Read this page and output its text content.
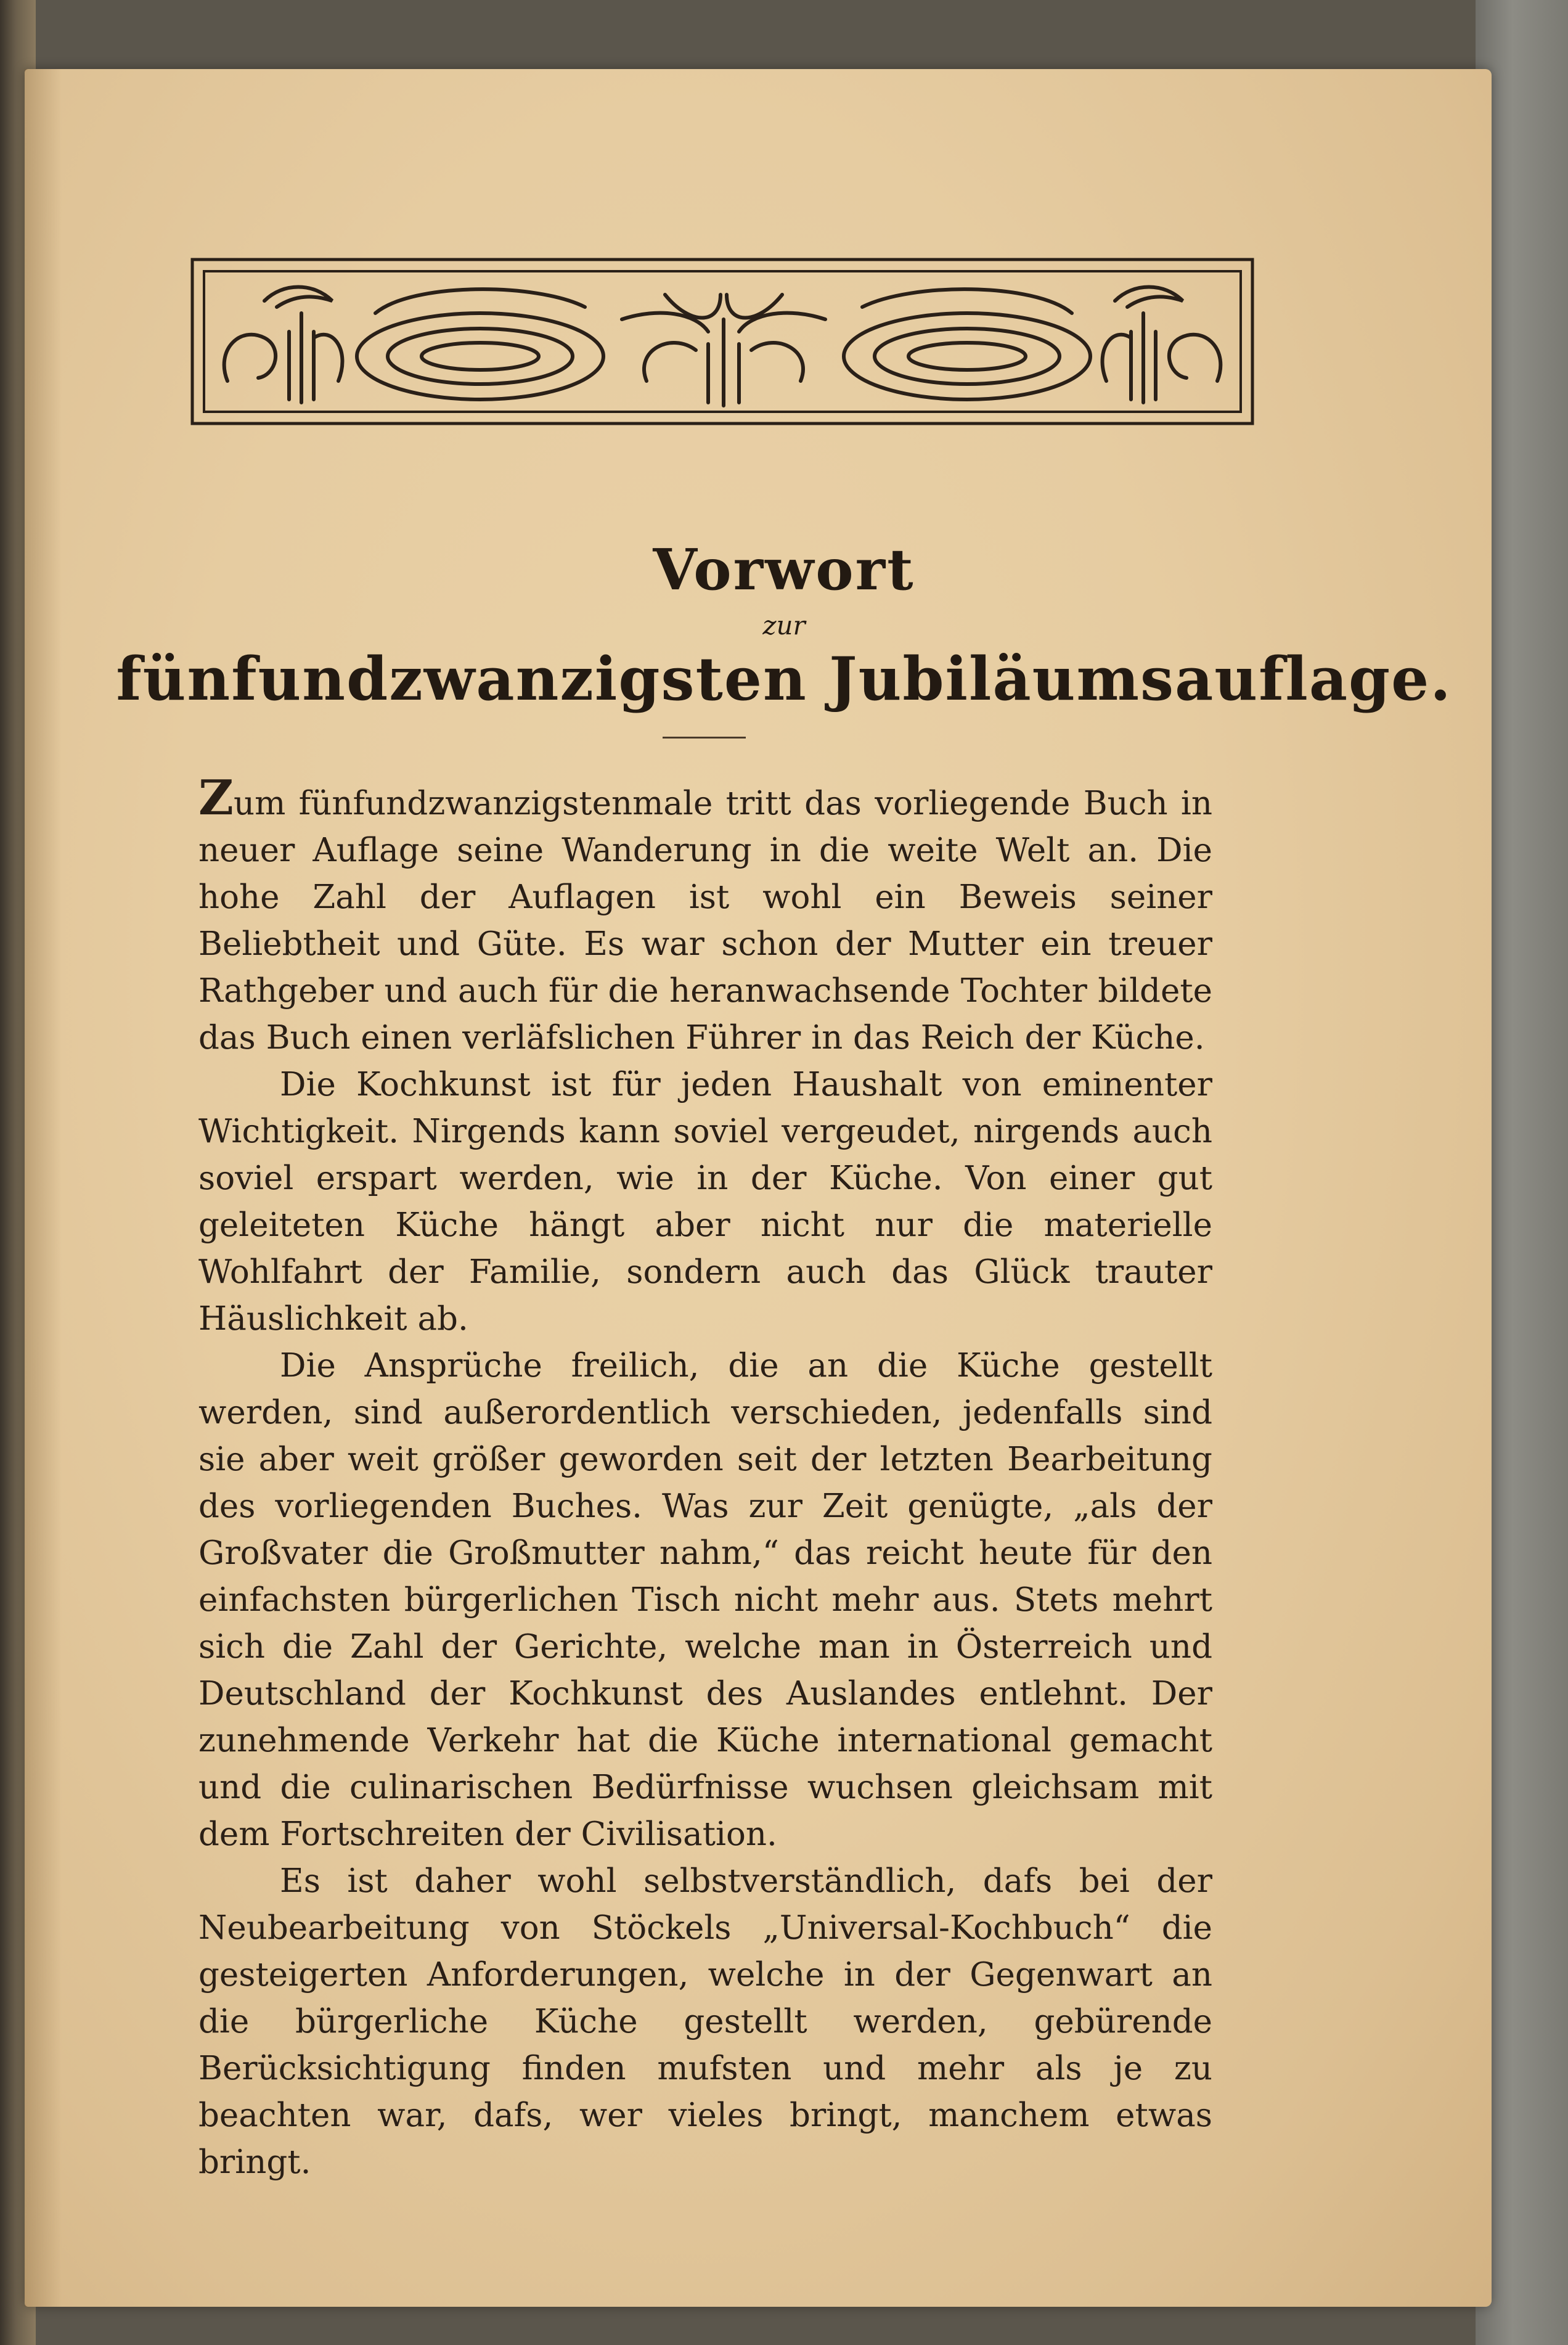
Vorwort
zur
fünfundzwanzigsten Jubiläumsauflage.

Zum fünfundzwanzigstenmale tritt das vorliegende Buch in neuer Auflage seine Wanderung in die weite Welt an. Die hohe Zahl der Auflagen ist wohl ein Beweis seiner Beliebtheit und Güte. Es war schon der Mutter ein treuer Rathgeber und auch für die heranwachsende Tochter bildete das Buch einen verläfslichen Führer in das Reich der Küche.

Die Kochkunst ist für jeden Haushalt von eminenter Wichtigkeit. Nirgends kann soviel vergeudet, nirgends auch soviel erspart werden, wie in der Küche. Von einer gut geleiteten Küche hängt aber nicht nur die materielle Wohlfahrt der Familie, sondern auch das Glück trauter Häuslichkeit ab.

Die Ansprüche freilich, die an die Küche gestellt werden, sind außerordentlich verschieden, jedenfalls sind sie aber weit größer geworden seit der letzten Bearbeitung des vorliegenden Buches. Was zur Zeit genügte, „als der Großvater die Großmutter nahm,“ das reicht heute für den einfachsten bürgerlichen Tisch nicht mehr aus. Stets mehrt sich die Zahl der Gerichte, welche man in Österreich und Deutschland der Kochkunst des Auslandes entlehnt. Der zunehmende Verkehr hat die Küche international gemacht und die culinarischen Bedürfnisse wuchsen gleichsam mit dem Fortschreiten der Civilisation.

Es ist daher wohl selbstverständlich, dafs bei der Neubearbeitung von Stöckels „Universal-Kochbuch“ die gesteigerten Anforderungen, welche in der Gegenwart an die bürgerliche Küche gestellt werden, gebürende Berücksichtigung finden mufsten und mehr als je zu beachten war, dafs, wer vieles bringt, manchem etwas bringt.
